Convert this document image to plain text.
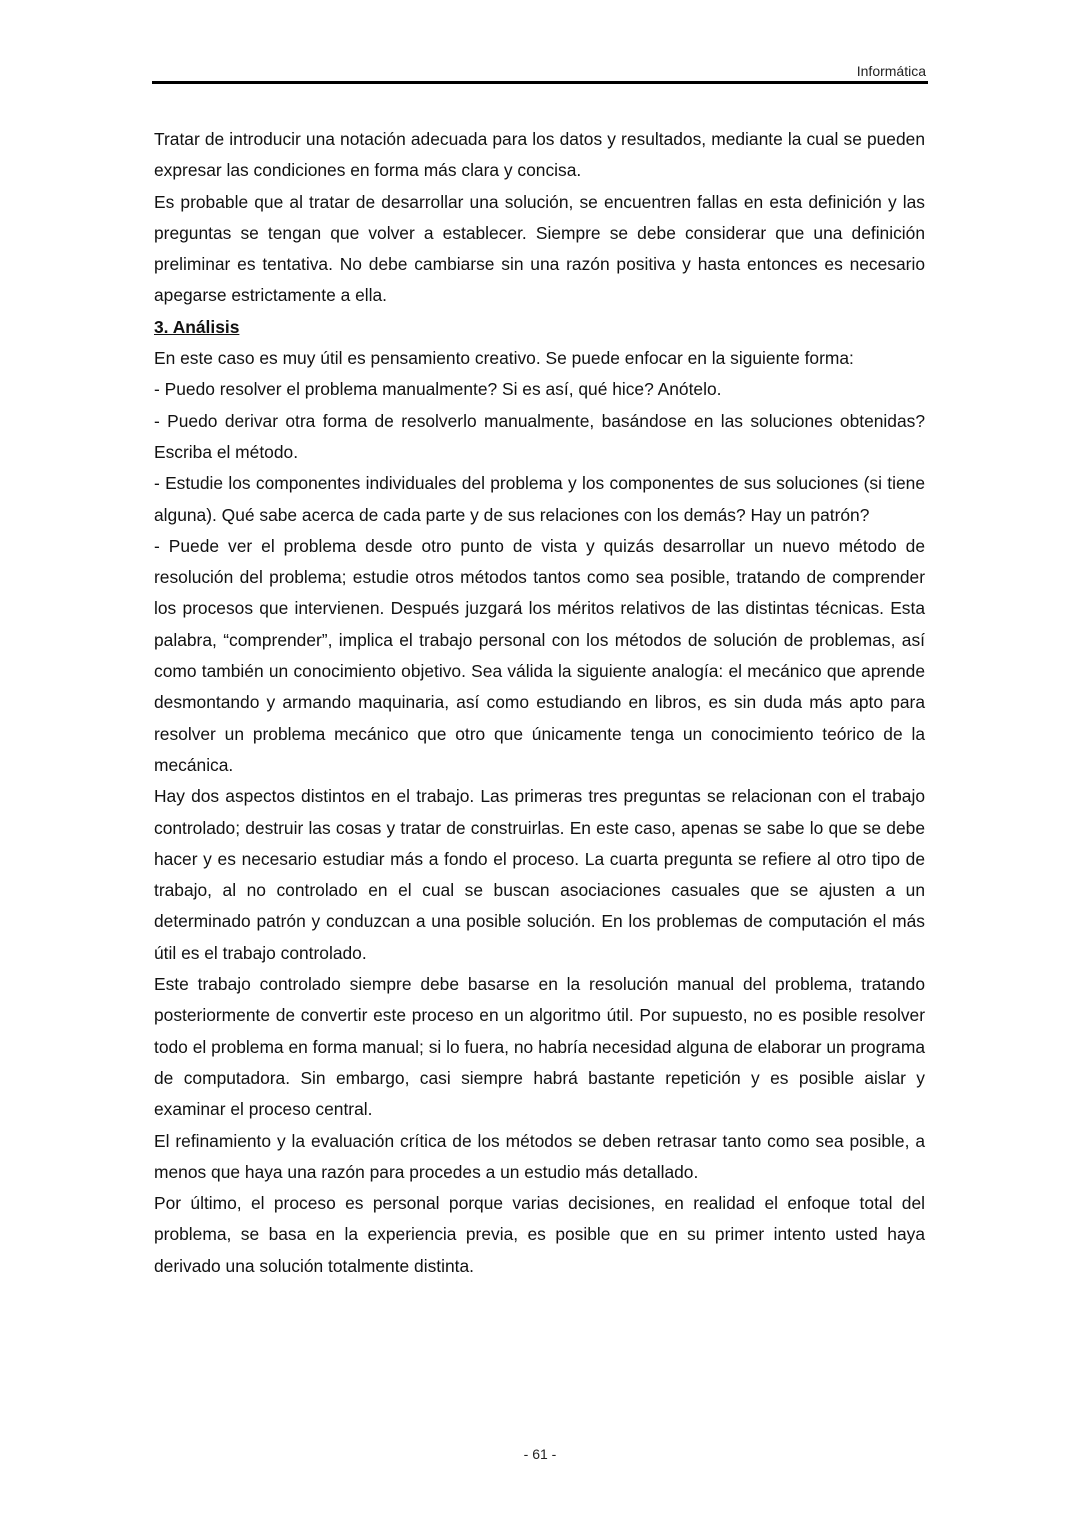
Informática

Tratar de introducir una notación adecuada para los datos y resultados, mediante la cual se pueden expresar las condiciones en forma más clara y concisa.

Es probable que al tratar de desarrollar una solución, se encuentren fallas en esta definición y las preguntas se tengan que volver a establecer. Siempre se debe considerar que una definición preliminar es tentativa. No debe cambiarse sin una razón positiva y hasta entonces es necesario apegarse estrictamente a ella.

3. Análisis

En este caso es muy útil es pensamiento creativo. Se puede enfocar en la siguiente forma:

- Puedo resolver el problema manualmente? Si es así, qué hice? Anótelo.

- Puedo derivar otra forma de resolverlo manualmente, basándose en las soluciones obtenidas? Escriba el método.

- Estudie los componentes individuales del problema y los componentes de sus soluciones (si tiene alguna). Qué sabe acerca de cada parte y de sus relaciones con los demás? Hay un patrón?

- Puede ver el problema desde otro punto de vista y quizás desarrollar un nuevo método de resolución del problema; estudie otros métodos tantos como sea posible, tratando de comprender los procesos que intervienen. Después juzgará los méritos relativos de las distintas técnicas. Esta palabra, “comprender”, implica el trabajo personal con los métodos de solución de problemas, así como también un conocimiento objetivo. Sea válida la siguiente analogía: el mecánico que aprende desmontando y armando maquinaria, así como estudiando en libros, es sin duda más apto para resolver un problema mecánico que otro que únicamente tenga un conocimiento teórico de la mecánica.

Hay dos aspectos distintos en el trabajo. Las primeras tres preguntas se relacionan con el trabajo controlado; destruir las cosas y tratar de construirlas. En este caso, apenas se sabe lo que se debe hacer y es necesario estudiar más a fondo el proceso. La cuarta pregunta se refiere al otro tipo de trabajo, al no controlado en el cual se buscan asociaciones casuales que se ajusten a un determinado patrón y conduzcan a una posible solución. En los problemas de computación el más útil es el trabajo controlado.

Este trabajo controlado siempre debe basarse en la resolución manual del problema, tratando posteriormente de convertir este proceso en un algoritmo útil. Por supuesto, no es posible resolver todo el problema en forma manual; si lo fuera, no habría necesidad alguna de elaborar un programa de computadora. Sin embargo, casi siempre habrá bastante repetición y es posible aislar y examinar el proceso central.

El refinamiento y la evaluación crítica de los métodos se deben retrasar tanto como sea posible, a menos que haya una razón para procedes a un estudio más detallado.

Por último, el proceso es personal porque varias decisiones, en realidad el enfoque total del problema, se basa en la experiencia previa, es posible que en su primer intento usted haya derivado una solución totalmente distinta.

- 61 -
